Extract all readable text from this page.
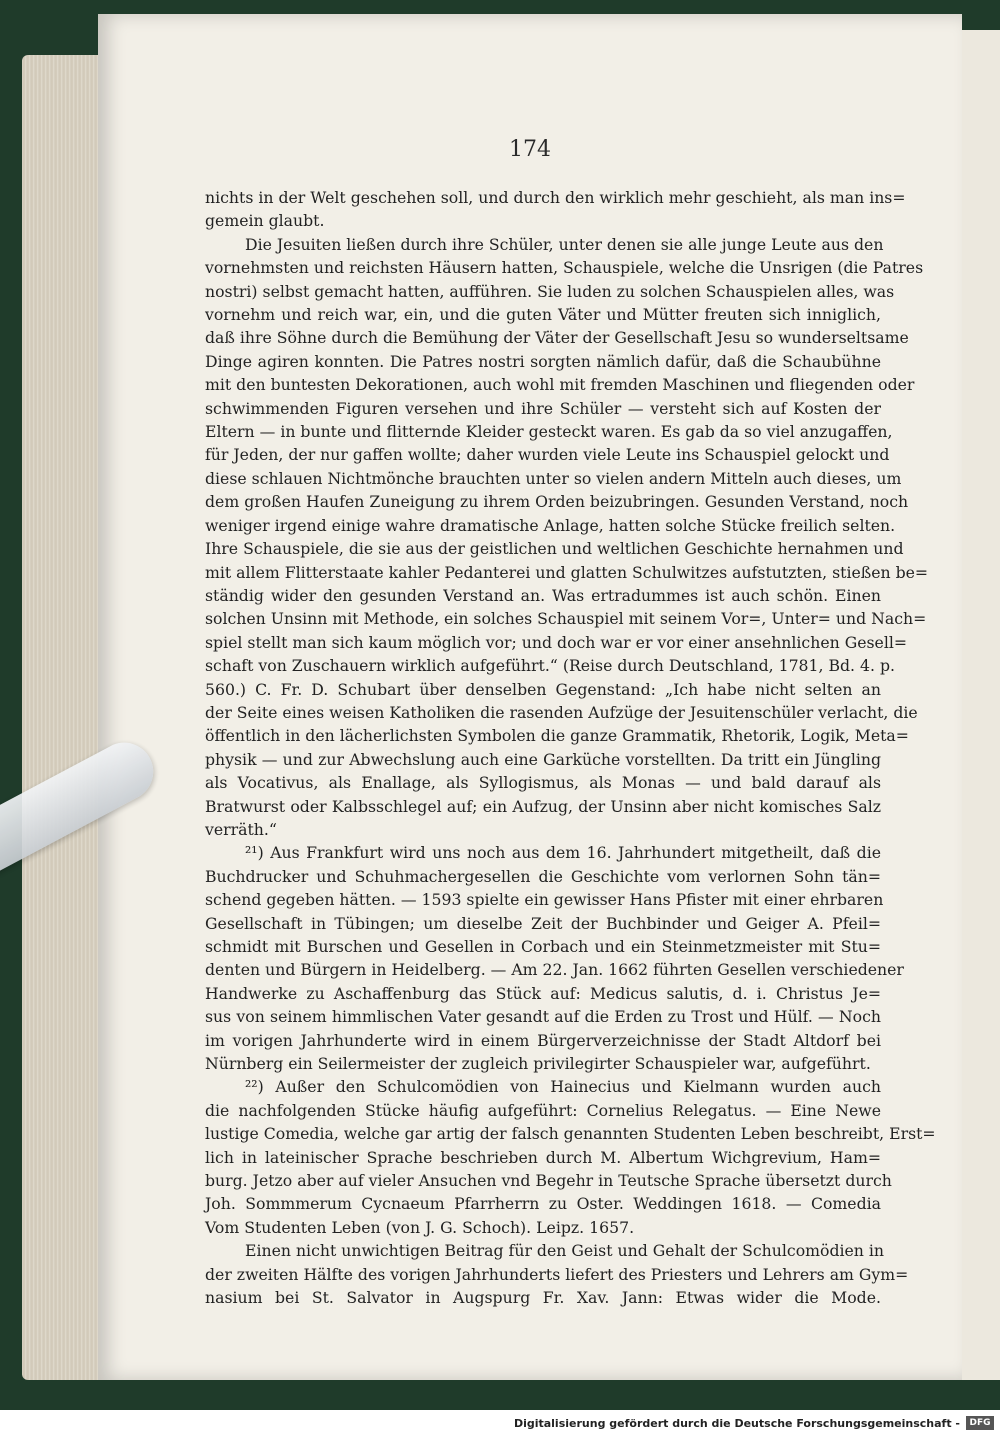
174
nichts in der Welt geschehen soll, und durch den wirklich mehr geschieht, als man ins=
gemein glaubt.
Die Jesuiten ließen durch ihre Schüler, unter denen sie alle junge Leute aus den
vornehmsten und reichsten Häusern hatten, Schauspiele, welche die Unsrigen (die Patres
nostri) selbst gemacht hatten, aufführen. Sie luden zu solchen Schauspielen alles, was
vornehm und reich war, ein, und die guten Väter und Mütter freuten sich inniglich,
daß ihre Söhne durch die Bemühung der Väter der Gesellschaft Jesu so wunderseltsame
Dinge agiren konnten. Die Patres nostri sorgten nämlich dafür, daß die Schaubühne
mit den buntesten Dekorationen, auch wohl mit fremden Maschinen und fliegenden oder
schwimmenden Figuren versehen und ihre Schüler — versteht sich auf Kosten der
Eltern — in bunte und flitternde Kleider gesteckt waren. Es gab da so viel anzugaffen,
für Jeden, der nur gaffen wollte; daher wurden viele Leute ins Schauspiel gelockt und
diese schlauen Nichtmönche brauchten unter so vielen andern Mitteln auch dieses, um
dem großen Haufen Zuneigung zu ihrem Orden beizubringen. Gesunden Verstand, noch
weniger irgend einige wahre dramatische Anlage, hatten solche Stücke freilich selten.
Ihre Schauspiele, die sie aus der geistlichen und weltlichen Geschichte hernahmen und
mit allem Flitterstaate kahler Pedanterei und glatten Schulwitzes aufstutzten, stießen be=
ständig wider den gesunden Verstand an. Was ertradummes ist auch schön. Einen
solchen Unsinn mit Methode, ein solches Schauspiel mit seinem Vor=, Unter= und Nach=
spiel stellt man sich kaum möglich vor; und doch war er vor einer ansehnlichen Gesell=
schaft von Zuschauern wirklich aufgeführt.“ (Reise durch Deutschland, 1781, Bd. 4. p.
560.) C. Fr. D. Schubart über denselben Gegenstand: „Ich habe nicht selten an
der Seite eines weisen Katholiken die rasenden Aufzüge der Jesuitenschüler verlacht, die
öffentlich in den lächerlichsten Symbolen die ganze Grammatik, Rhetorik, Logik, Meta=
physik — und zur Abwechslung auch eine Garküche vorstellten. Da tritt ein Jüngling
als Vocativus, als Enallage, als Syllogismus, als Monas — und bald darauf als
Bratwurst oder Kalbsschlegel auf; ein Aufzug, der Unsinn aber nicht komisches Salz
verräth.“
²¹) Aus Frankfurt wird uns noch aus dem 16. Jahrhundert mitgetheilt, daß die
Buchdrucker und Schuhmachergesellen die Geschichte vom verlornen Sohn tän=
schend gegeben hätten. — 1593 spielte ein gewisser Hans Pfister mit einer ehrbaren
Gesellschaft in Tübingen; um dieselbe Zeit der Buchbinder und Geiger A. Pfeil=
schmidt mit Burschen und Gesellen in Corbach und ein Steinmetzmeister mit Stu=
denten und Bürgern in Heidelberg. — Am 22. Jan. 1662 führten Gesellen verschiedener
Handwerke zu Aschaffenburg das Stück auf: Medicus salutis, d. i. Christus Je=
sus von seinem himmlischen Vater gesandt auf die Erden zu Trost und Hülf. — Noch
im vorigen Jahrhunderte wird in einem Bürgerverzeichnisse der Stadt Altdorf bei
Nürnberg ein Seilermeister der zugleich privilegirter Schauspieler war, aufgeführt.
²²) Außer den Schulcomödien von Hainecius und Kielmann wurden auch
die nachfolgenden Stücke häufig aufgeführt: Cornelius Relegatus. — Eine Newe
lustige Comedia, welche gar artig der falsch genannten Studenten Leben beschreibt, Erst=
lich in lateinischer Sprache beschrieben durch M. Albertum Wichgrevium, Ham=
burg. Jetzo aber auf vieler Ansuchen vnd Begehr in Teutsche Sprache übersetzt durch
Joh. Sommmerum Cycnaeum Pfarrherrn zu Oster. Weddingen 1618. — Comedia
Vom Studenten Leben (von J. G. Schoch). Leipz. 1657.
Einen nicht unwichtigen Beitrag für den Geist und Gehalt der Schulcomödien in
der zweiten Hälfte des vorigen Jahrhunderts liefert des Priesters und Lehrers am Gym=
nasium bei St. Salvator in Augspurg Fr. Xav. Jann: Etwas wider die Mode.
Digitalisierung gefördert durch die Deutsche Forschungsgemeinschaft -	DFG
